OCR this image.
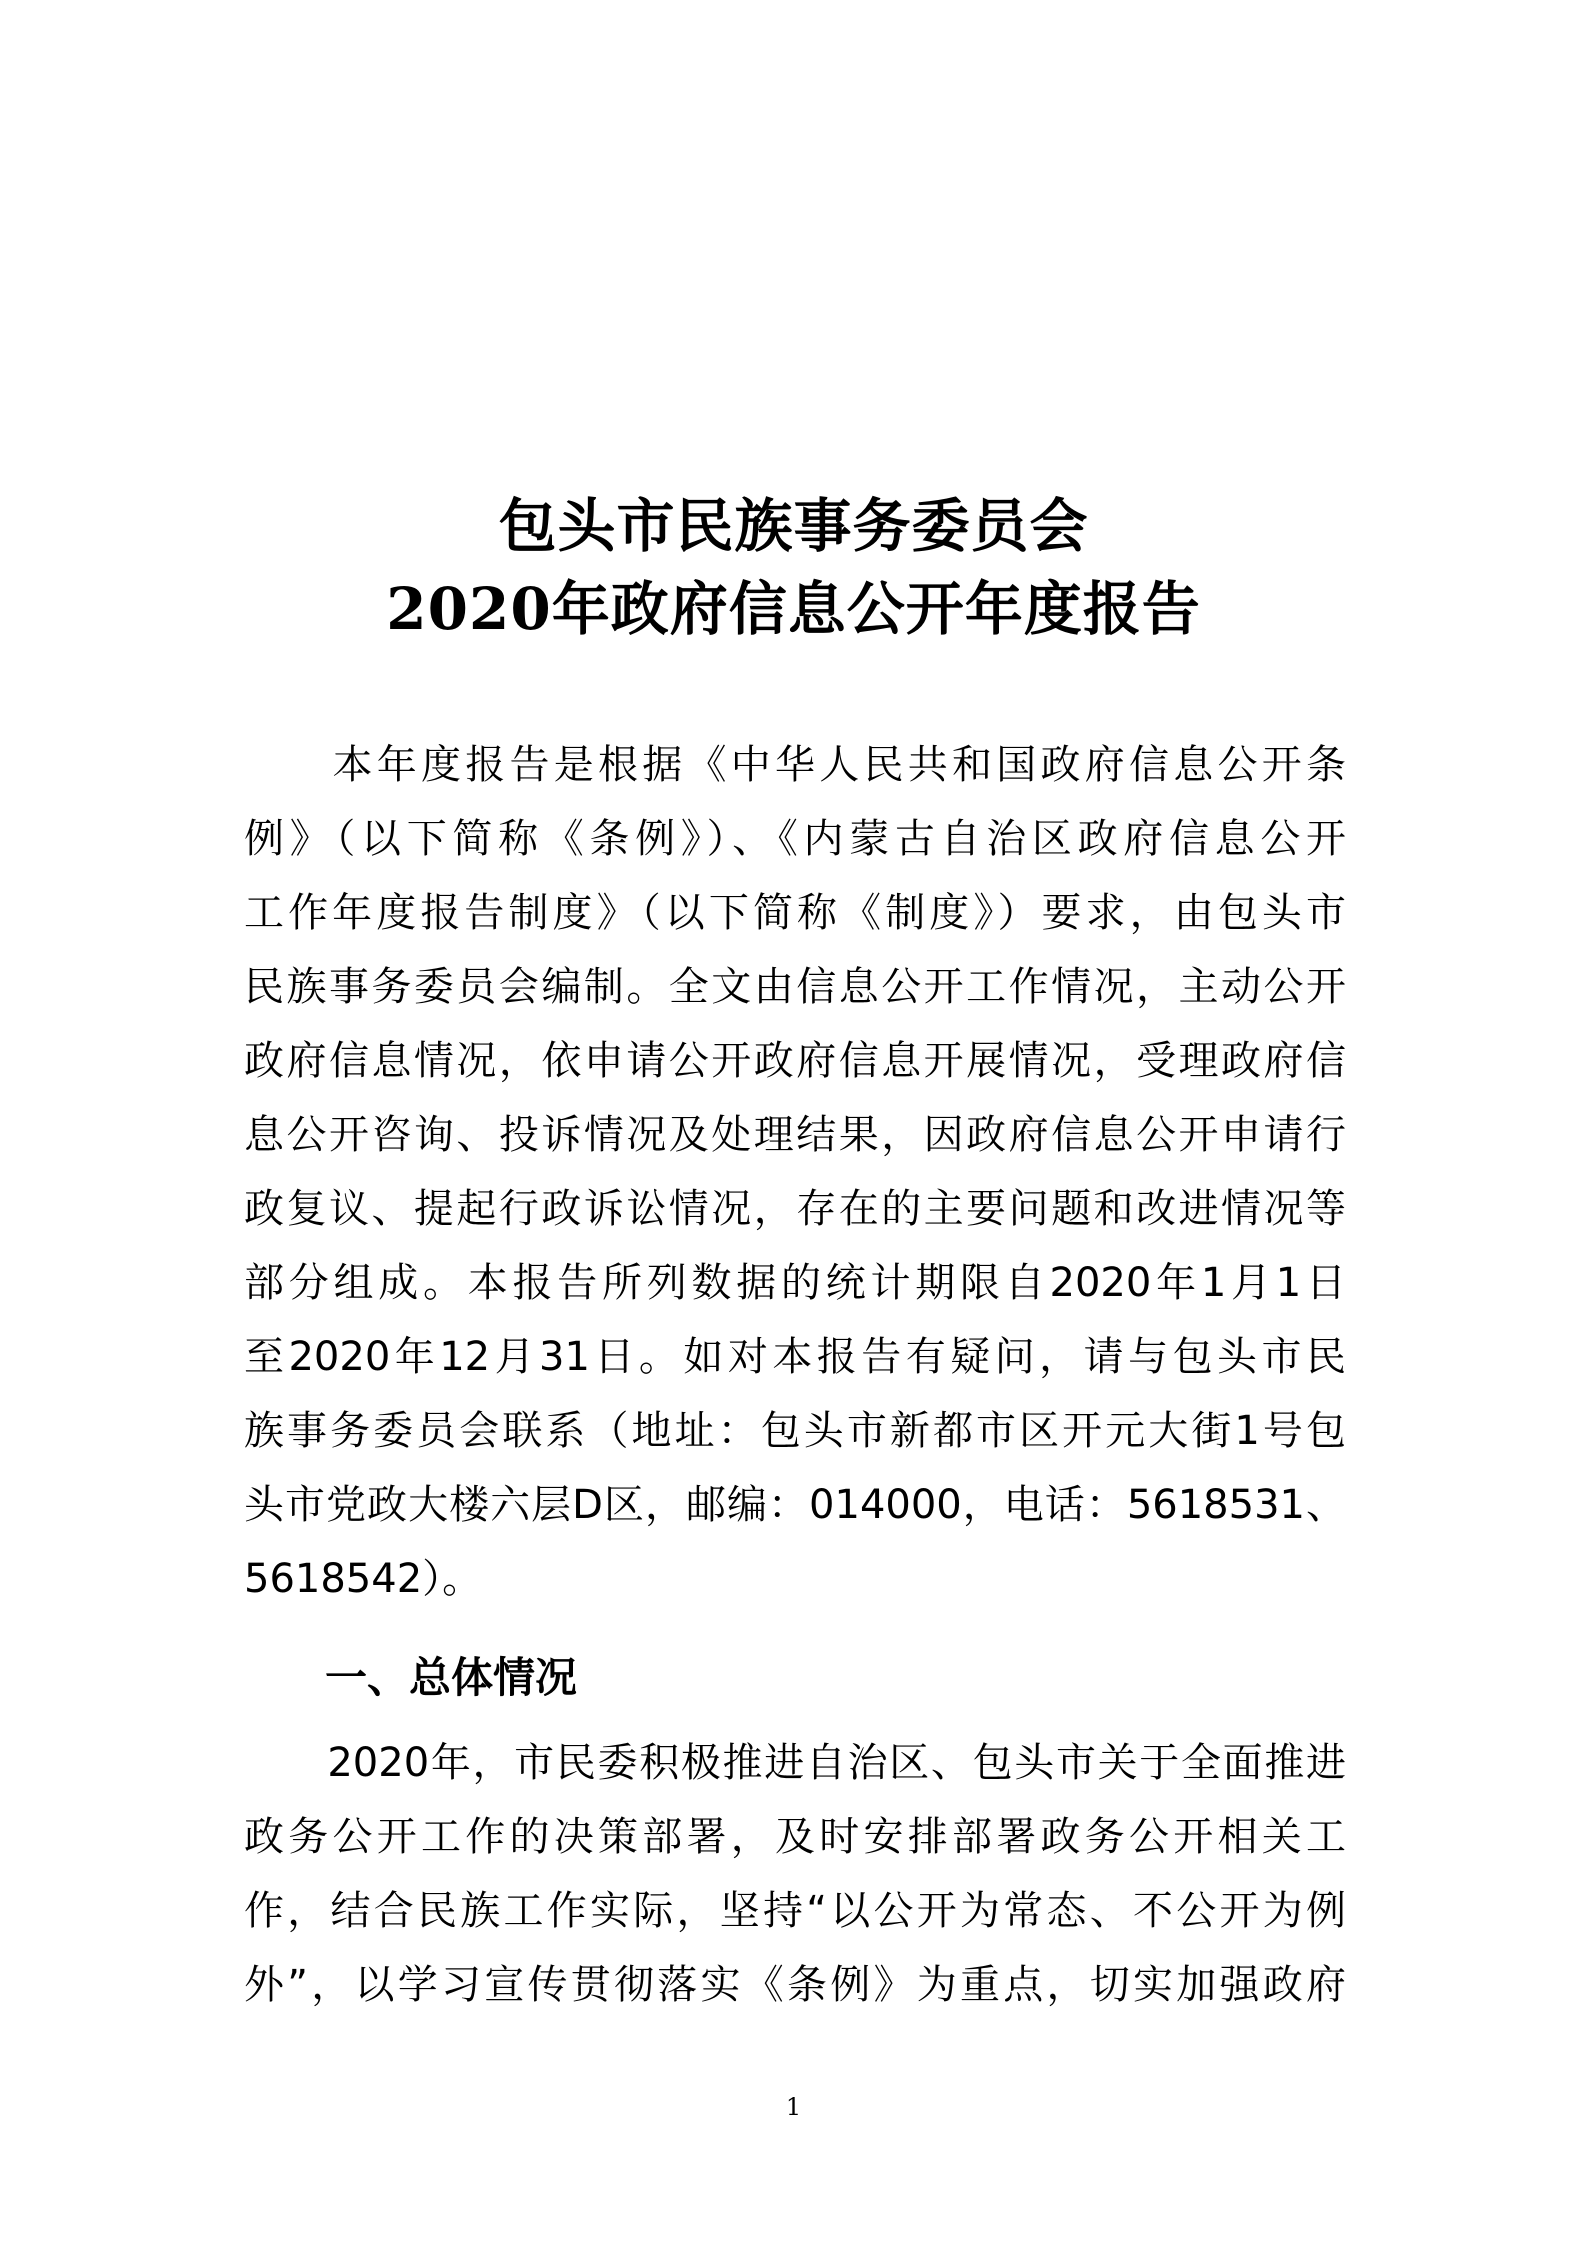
包头市民族事务委员会
2020年政府信息公开年度报告
　　本年度报告是根据《中华人民共和国政府信息公开条
例》（以下简称《条例》）、《内蒙古自治区政府信息公开
工作年度报告制度》（以下简称《制度》）要求，由包头市
民族事务委员会编制。全文由信息公开工作情况，主动公开
政府信息情况，依申请公开政府信息开展情况，受理政府信
息公开咨询、投诉情况及处理结果，因政府信息公开申请行
政复议、提起行政诉讼情况，存在的主要问题和改进情况等
部分组成。本报告所列数据的统计期限自2020年1月1日
至2020年12月31日。如对本报告有疑问，请与包头市民
族事务委员会联系（地址：包头市新都市区开元大街1号包
头市党政大楼六层D区，邮编：014000，电话：5618531、
5618542）。
一、总体情况
　　2020年，市民委积极推进自治区、包头市关于全面推进
政务公开工作的决策部署，及时安排部署政务公开相关工
作，结合民族工作实际，坚持“以公开为常态、不公开为例
外”，以学习宣传贯彻落实《条例》为重点，切实加强政府
1
